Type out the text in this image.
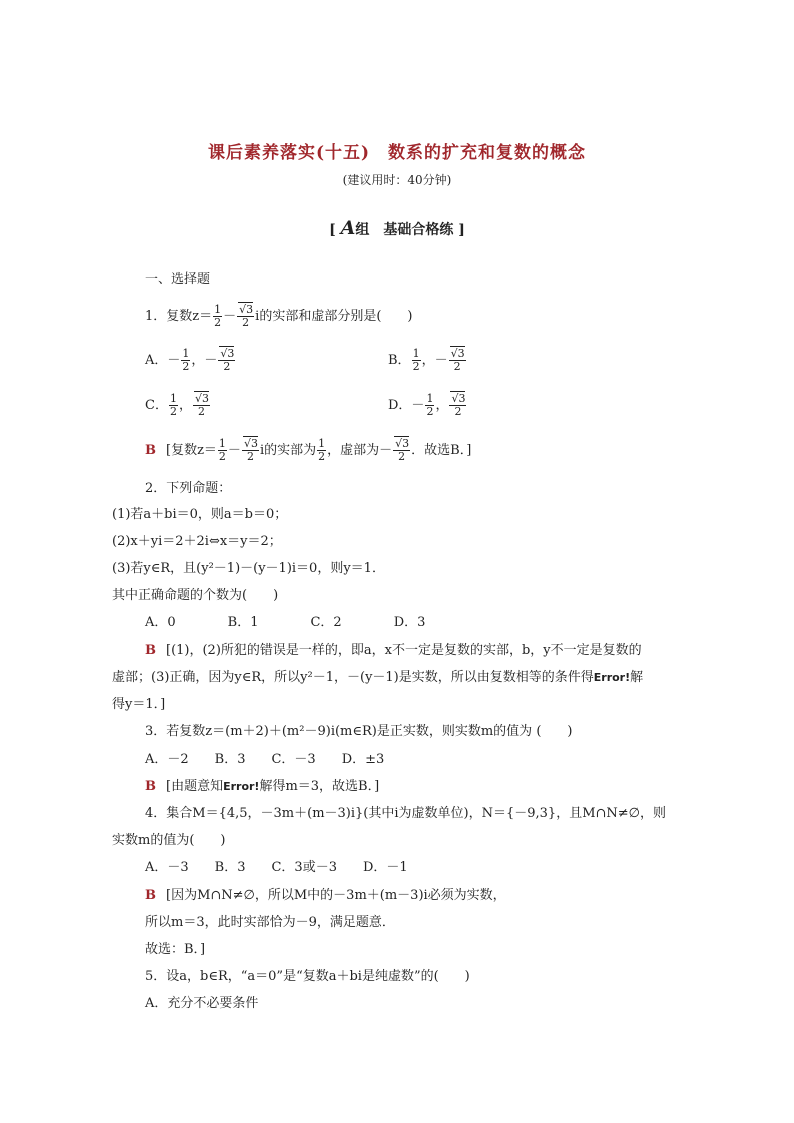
课后素养落实(十五)　数系的扩充和复数的概念
(建议用时：40分钟)
[ A组　基础合格练 ]
一、选择题
1．复数$z= \frac{1}{2}$ － √ $\frac{3}{2}$ i的实部和虚部分别是(　　)
A．－ $\frac{1}{2}$ ，－ √ $\frac{3}{2}$	B． $\frac{1}{2}$ ，－ √ $\frac{3}{2}$
C． $\frac{1}{2}$ ， √ $\frac{3}{2}$	D．－ $\frac{1}{2}$ ， √ $\frac{3}{2}$
B [复数$z= \frac{1}{2}$ － √ $\frac{3}{2}$ i的实部为 $\frac{1}{2}$ ，虚部为－ √ $\frac{3}{2}$ ．故选B．]
2．下列命题：
(1)若a＋bi＝0，则a＝b＝0；
(2)x＋yi＝2＋2i⇔x＝y＝2；
(3)若y∈R，且(y²－1)－(y－1)i＝0，则y＝1．
其中正确命题的个数为(　　)
A．0　　　　B．1　　　　C．2　　　　D．3
B [(1)，(2)所犯的错误是一样的，即a，x不一定是复数的实部，b，y不一定是复数的
虚部；(3)正确，因为y∈R，所以y²－1，－(y－1)是实数，所以由复数相等的条件得Error!解
得y＝1．]
3．若复数z＝(m＋2)＋(m²－9)i(m∈R)是正实数，则实数m的值为 (　　)
A．－2　　B．3　　C．－3　　D．±3
B [由题意知Error!解得m＝3，故选B．]
4．集合M＝{4,5，－3m＋(m－3)i}(其中i为虚数单位)，N＝{－9,3}，且M∩N≠∅，则
实数m的值为(　　)
A．－3　　B．3　　C．3或－3　　D．－1
B [因为M∩N≠∅，所以M中的－3m＋(m－3)i必须为实数，
所以m＝3，此时实部恰为－9，满足题意．
故选：B．]
5．设a，b∈R，“a＝0”是“复数a＋bi是纯虚数”的(　　)
A．充分不必要条件
